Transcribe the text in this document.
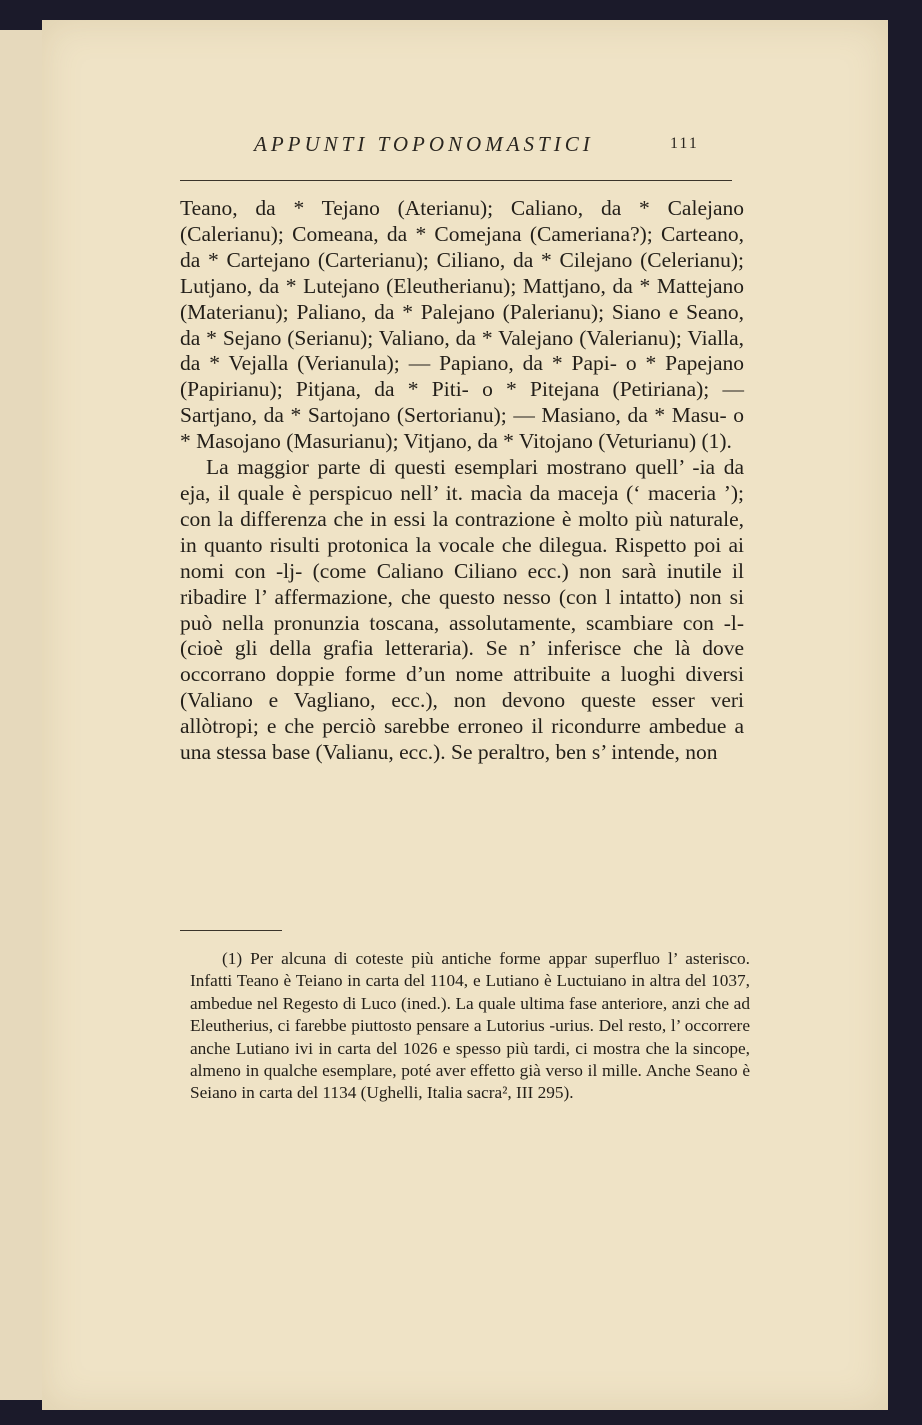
APPUNTI TOPONOMASTICI	111

Teano, da * Tejano (Aterianu); Caliano, da * Calejano (Calerianu); Comeana, da * Comejana (Cameriana?); Carteano, da * Cartejano (Carterianu); Ciliano, da * Cilejano (Celerianu); Lutjano, da * Lutejano (Eleutherianu); Mattjano, da * Mattejano (Materianu); Paliano, da * Palejano (Palerianu); Siano e Seano, da * Sejano (Serianu); Valiano, da * Valejano (Valerianu); Vialla, da * Vejalla (Verianula); — Papiano, da * Papi- o * Papejano (Papirianu); Pitjana, da * Piti- o * Pitejana (Petiriana); — Sartjano, da * Sartojano (Sertorianu); — Masiano, da * Masu- o * Masojano (Masurianu); Vitjano, da * Vitojano (Veturianu) (1).

La maggior parte di questi esemplari mostrano quell’ -ia da eja, il quale è perspicuo nell’ it. macìa da maceja (‘ maceria ’); con la differenza che in essi la contrazione è molto più naturale, in quanto risulti protonica la vocale che dilegua. Rispetto poi ai nomi con -lj- (come Caliano Ciliano ecc.) non sarà inutile il ribadire l’ affermazione, che questo nesso (con l intatto) non si può nella pronunzia toscana, assolutamente, scambiare con -l- (cioè gli della grafia letteraria). Se n’ inferisce che là dove occorrano doppie forme d’un nome attribuite a luoghi diversi (Valiano e Vagliano, ecc.), non devono queste esser veri allòtropi; e che perciò sarebbe erroneo il ricondurre ambedue a una stessa base (Valianu, ecc.). Se peraltro, ben s’ intende, non

(1) Per alcuna di coteste più antiche forme appar superfluo l’ asterisco. Infatti Teano è Teiano in carta del 1104, e Lutiano è Luctuiano in altra del 1037, ambedue nel Regesto di Luco (ined.). La quale ultima fase anteriore, anzi che ad Eleutherius, ci farebbe piuttosto pensare a Lutorius -urius. Del resto, l’ occorrere anche Lutiano ivi in carta del 1026 e spesso più tardi, ci mostra che la sincope, almeno in qualche esemplare, poté aver effetto già verso il mille. Anche Seano è Seiano in carta del 1134 (Ughelli, Italia sacra², III 295).
